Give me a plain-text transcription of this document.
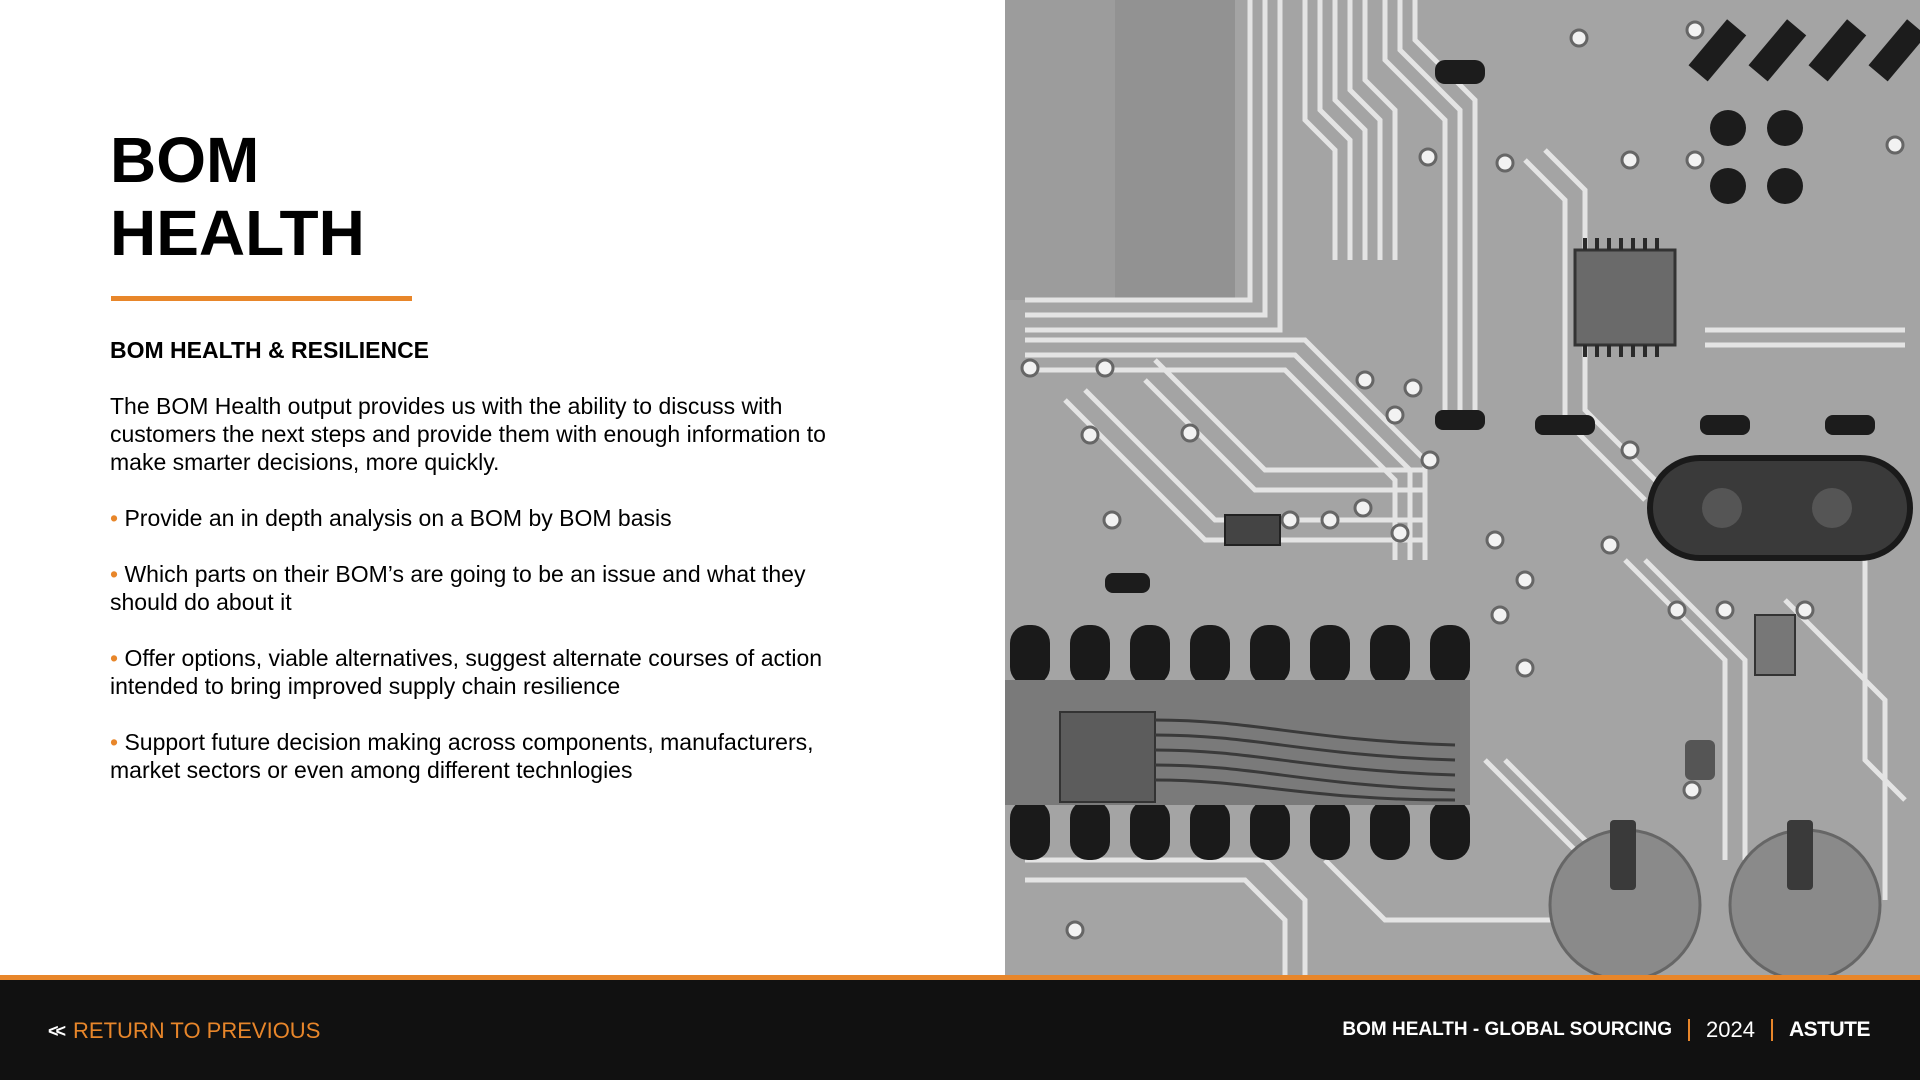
BOM
HEALTH
BOM HEALTH & RESILIENCE

The BOM Health output provides us with the ability to discuss with customers the next steps and provide them with enough information to make smarter decisions, more quickly.

• Provide an in depth analysis on a BOM by BOM basis

• Which parts on their BOM’s are going to be an issue and what they should do about it

• Offer options, viable alternatives, suggest alternate courses of action intended to bring improved supply chain resilience

• Support future decision making across components, manufacturers, market sectors or even among different technlogies

<< RETURN TO PREVIOUS	BOM HEALTH - GLOBAL SOURCING 2024 ASTUTE
